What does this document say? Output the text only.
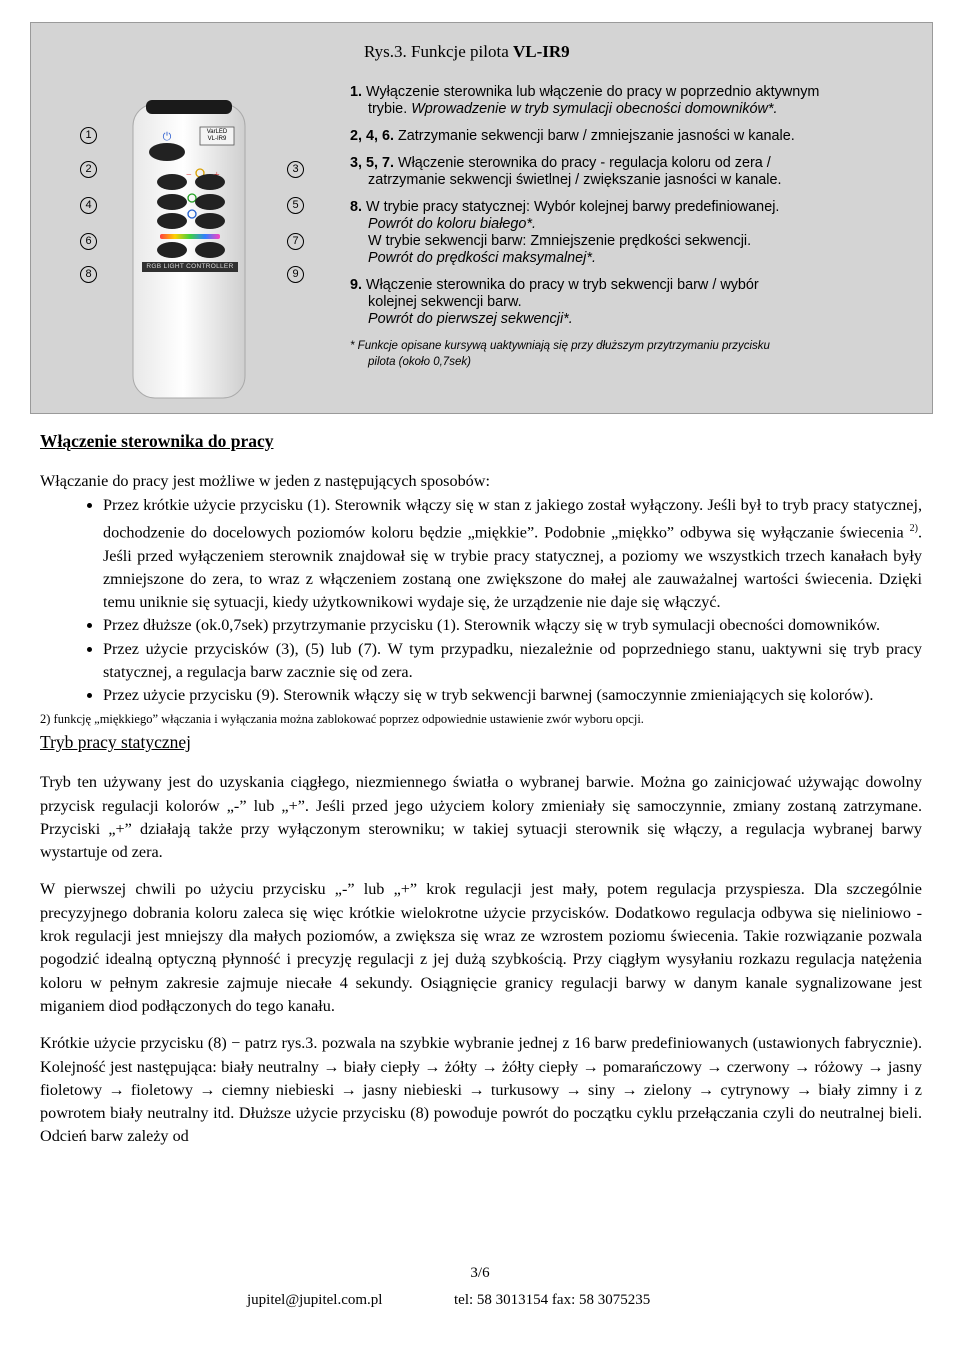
Rys.3. Funkcje pilota VL-IR9
⏻
−
VarLED
VL-IR9
RGB LIGHT CONTROLLER
1
2
4
6
8
3
5
7
9

1. Wyłączenie sterownika lub włączenie do pracy w poprzednio aktywnym
trybie. Wprowadzenie w tryb symulacji obecności domowników*.

2, 4, 6. Zatrzymanie sekwencji barw / zmniejszanie jasności w kanale.

3, 5, 7. Włączenie sterownika do pracy - regulacja koloru od zera /
zatrzymanie sekwencji świetlnej / zwiększanie jasności w kanale.

8. W trybie pracy statycznej: Wybór kolejnej barwy predefiniowanej.
Powrót do koloru białego*.
W trybie sekwencji barw: Zmniejszenie prędkości sekwencji.
Powrót do prędkości maksymalnej*.

9. Włączenie sterownika do pracy w tryb sekwencji barw / wybór
kolejnej sekwencji barw.
Powrót do pierwszej sekwencji*.

* Funkcje opisane kursywą uaktywniają się przy dłuższym przytrzymaniu przycisku
pilota (około 0,7sek)
Włączenie sterownika do pracy

Włączanie do pracy jest możliwe w jeden z następujących sposobów:

• Przez krótkie użycie przycisku (1). Sterownik włączy się w stan z jakiego został wyłączony. Jeśli był to tryb pracy statycznej, dochodzenie do docelowych poziomów koloru będzie „miękkie”. Podobnie „miękko” odbywa się wyłączanie świecenia $^{2)}$. Jeśli przed wyłączeniem sterownik znajdował się w trybie pracy statycznej, a poziomy we wszystkich trzech kanałach były zmniejszone do zera, to wraz z włączeniem zostaną one zwiększone do małej ale zauważalnej wartości świecenia. Dzięki temu uniknie się sytuacji, kiedy użytkownikowi wydaje się, że urządzenie nie daje się włączyć.
• Przez dłuższe (ok.0,7sek) przytrzymanie przycisku (1). Sterownik włączy się w tryb symulacji obecności domowników.
• Przez użycie przycisków (3), (5) lub (7). W tym przypadku, niezależnie od poprzedniego stanu, uaktywni się tryb pracy statycznej, a regulacja barw zacznie się od zera.
• Przez użycie przycisku (9). Sterownik włączy się w tryb sekwencji barwnej (samoczynnie zmieniających się kolorów).

2) funkcję „miękkiego” włączania i wyłączania można zablokować poprzez odpowiednie ustawienie zwór wyboru opcji.

Tryb pracy statycznej

Tryb ten używany jest do uzyskania ciągłego, niezmiennego światła o wybranej barwie. Można go zainicjować używając dowolny przycisk regulacji kolorów „-” lub „+”. Jeśli przed jego użyciem kolory zmieniały się samoczynnie, zmiany zostaną zatrzymane. Przyciski „+” działają także przy wyłączonym sterowniku; w takiej sytuacji sterownik się włączy, a regulacja wybranej barwy wystartuje od zera.

W pierwszej chwili po użyciu przycisku „-” lub „+” krok regulacji jest mały, potem regulacja przyspiesza. Dla szczególnie precyzyjnego dobrania koloru zaleca się więc krótkie wielokrotne użycie przycisków. Dodatkowo regulacja odbywa się nieliniowo - krok regulacji jest mniejszy dla małych poziomów, a zwiększa się wraz ze wzrostem poziomu świecenia. Takie rozwiązanie pozwala pogodzić idealną optyczną płynność i precyzję regulacji z jej dużą szybkością. Przy ciągłym wysyłaniu rozkazu regulacja natężenia koloru w pełnym zakresie zajmuje niecałe 4 sekundy. Osiągnięcie granicy regulacji barwy w danym kanale sygnalizowane jest miganiem diod podłączonych do tego kanału.

Krótkie użycie przycisku (8) − patrz rys.3. pozwala na szybkie wybranie jednej z 16 barw predefiniowanych (ustawionych fabrycznie). Kolejność jest następująca: biały neutralny → biały ciepły → żółty → żółty ciepły → pomarańczowy → czerwony → różowy → jasny fioletowy → fioletowy → ciemny niebieski → jasny niebieski → turkusowy → siny → zielony → cytrynowy → biały zimny i z powrotem biały neutralny itd. Dłuższe użycie przycisku (8) powoduje powrót do początku cyklu przełączania czyli do neutralnej bieli. Odcień barw zależy od

3/6
jupitel@jupitel.com.pl	tel: 58 3013154 fax: 58 3075235
